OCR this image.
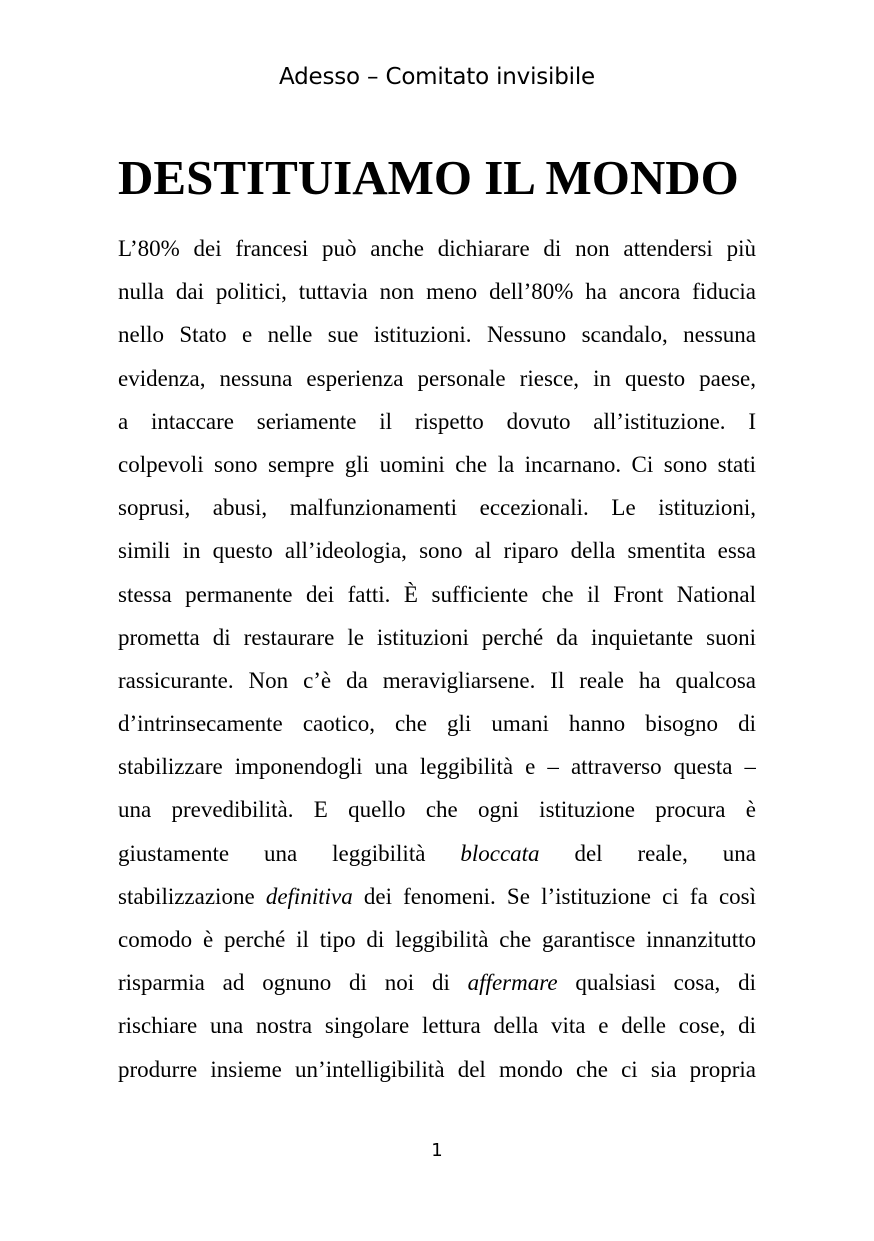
Adesso – Comitato invisibile
DESTITUIAMO IL MONDO
L’80% dei francesi può anche dichiarare di non attendersi più
nulla dai politici, tuttavia non meno dell’80% ha ancora fiducia
nello Stato e nelle sue istituzioni. Nessuno scandalo, nessuna
evidenza, nessuna esperienza personale riesce, in questo paese,
a intaccare seriamente il rispetto dovuto all’istituzione. I
colpevoli sono sempre gli uomini che la incarnano. Ci sono stati
soprusi, abusi, malfunzionamenti eccezionali. Le istituzioni,
simili in questo all’ideologia, sono al riparo della smentita essa
stessa permanente dei fatti. È sufficiente che il Front National
prometta di restaurare le istituzioni perché da inquietante suoni
rassicurante. Non c’è da meravigliarsene. Il reale ha qualcosa
d’intrinsecamente caotico, che gli umani hanno bisogno di
stabilizzare imponendogli una leggibilità e – attraverso questa –
una prevedibilità. E quello che ogni istituzione procura è
giustamente una leggibilità bloccata del reale, una
stabilizzazione definitiva dei fenomeni. Se l’istituzione ci fa così
comodo è perché il tipo di leggibilità che garantisce innanzitutto
risparmia ad ognuno di noi di affermare qualsiasi cosa, di
rischiare una nostra singolare lettura della vita e delle cose, di
produrre insieme un’intelligibilità del mondo che ci sia propria
1
